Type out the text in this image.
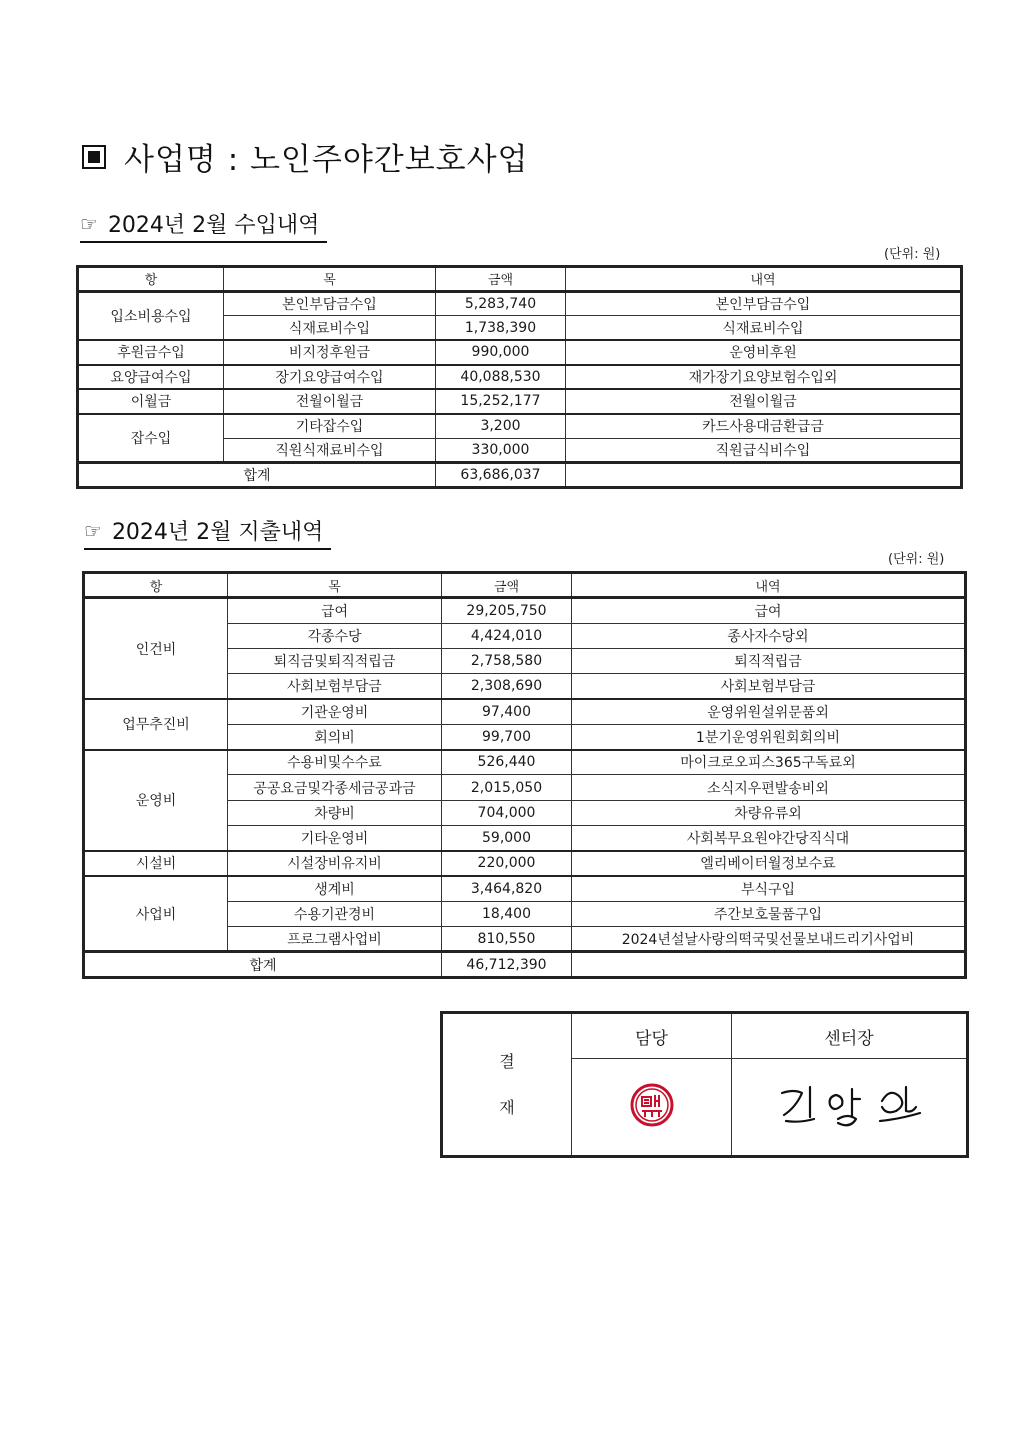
사업명 : 노인주야간보호사업
☞ 2024년 2월 수입내역
(단위: 원)
항	목	금액	내역
입소비용수입	본인부담금수입	5,283,740	본인부담금수입
	식재료비수입	1,738,390	식재료비수입
후원금수입	비지정후원금	990,000	운영비후원
요양급여수입	장기요양급여수입	40,088,530	재가장기요양보험수입외
이월금	전월이월금	15,252,177	전월이월금
잡수입	기타잡수입	3,200	카드사용대금환급금
	직원식재료비수입	330,000	직원급식비수입
합계		63,686,037	
☞ 2024년 2월 지출내역
(단위: 원)
항	목	금액	내역
인건비	급여	29,205,750	급여
	각종수당	4,424,010	종사자수당외
	퇴직금및퇴직적립금	2,758,580	퇴직적립금
	사회보험부담금	2,308,690	사회보험부담금
업무추진비	기관운영비	97,400	운영위원설위문품외
	회의비	99,700	1분기운영위원회회의비
운영비	수용비및수수료	526,440	마이크로오피스365구독료외
	공공요금및각종세금공과금	2,015,050	소식지우편발송비외
	차량비	704,000	차량유류외
	기타운영비	59,000	사회복무요원야간당직식대
시설비	시설장비유지비	220,000	엘리베이터월정보수료
사업비	생계비	3,464,820	부식구입
	수용기관경비	18,400	주간보호물품구입
	프로그램사업비	810,550	2024년설날사랑의떡국및선물보내드리기사업비
합계		46,712,390	
결
재	담당	센터장
